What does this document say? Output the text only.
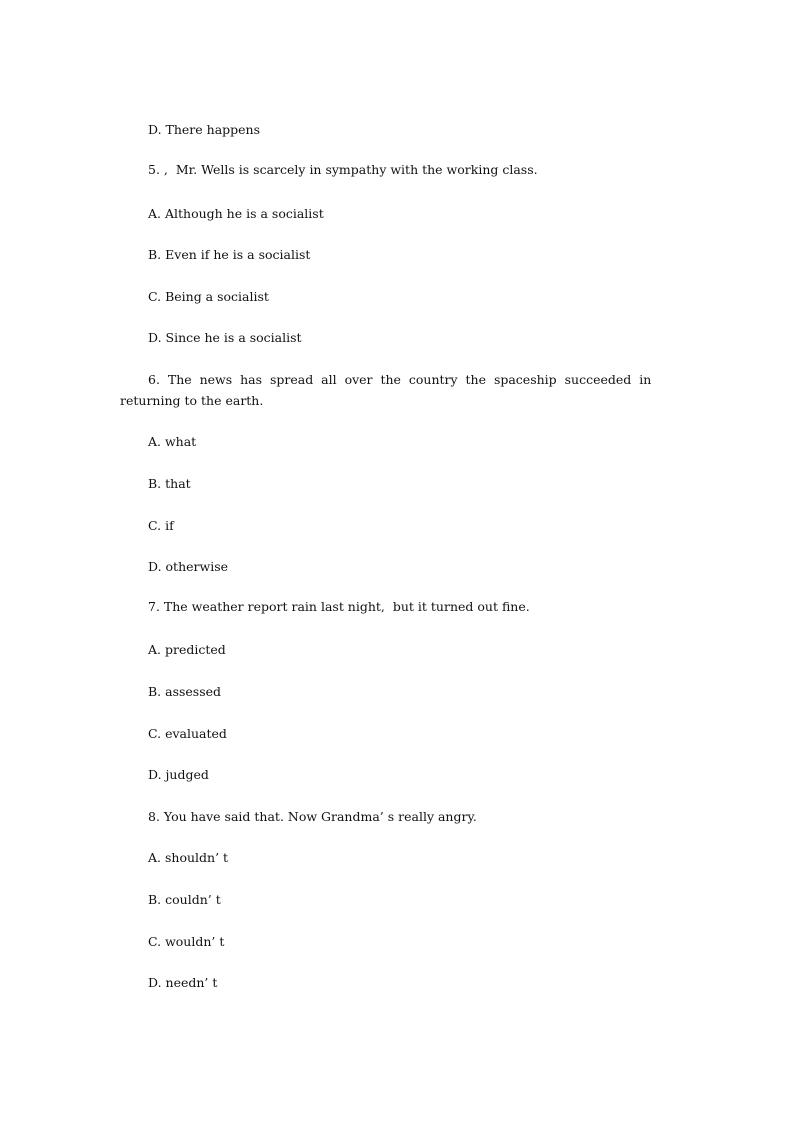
D. There happens
5. ,  Mr. Wells is scarcely in sympathy with the working class.
A. Although he is a socialist
B. Even if he is a socialist
C. Being a socialist
D. Since he is a socialist
6.  The  news  has  spread  all  over  the  country  the  spaceship  succeeded  in
returning to the earth.
A. what
B. that
C. if
D. otherwise
7. The weather report rain last night,  but it turned out fine.
A. predicted
B. assessed
C. evaluated
D. judged
8. You have said that. Now Grandma’ s really angry.
A. shouldn’ t
B. couldn’ t
C. wouldn’ t
D. needn’ t
